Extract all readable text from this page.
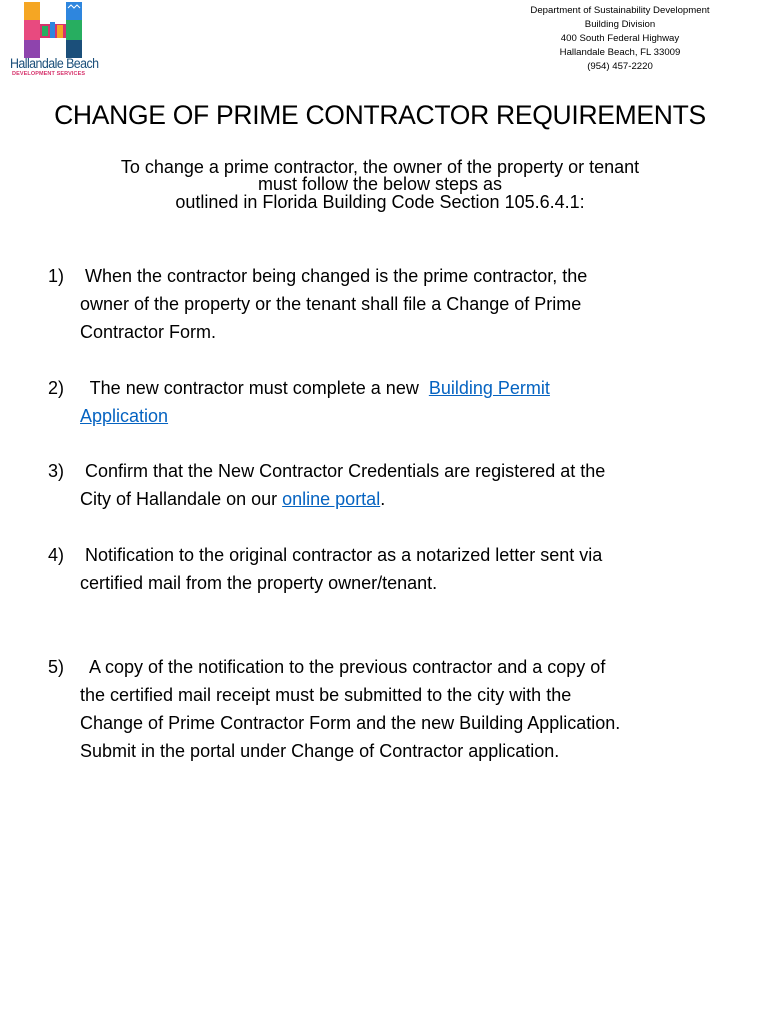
Hallandale Beach
DEVELOPMENT SERVICES
Department of Sustainability Development
Building Division
400 South Federal Highway
Hallandale Beach, FL 33009
(954) 457-2220
CHANGE OF PRIME CONTRACTOR REQUIREMENTS
To change a prime contractor, the owner of the property or tenant
must follow the below steps as
outlined in Florida Building Code Section 105.6.4.1:
1) When the contractor being changed is the prime contractor, the
owner of the property or the tenant shall file a Change of Prime
Contractor Form.
2) The new contractor must complete a new  Building Permit
Application
3) Confirm that the New Contractor Credentials are registered at the
City of Hallandale on our online portal.
4) Notification to the original contractor as a notarized letter sent via
certified mail from the property owner/tenant.
5) A copy of the notification to the previous contractor and a copy of
the certified mail receipt must be submitted to the city with the
Change of Prime Contractor Form and the new Building Application.
Submit in the portal under Change of Contractor application.
